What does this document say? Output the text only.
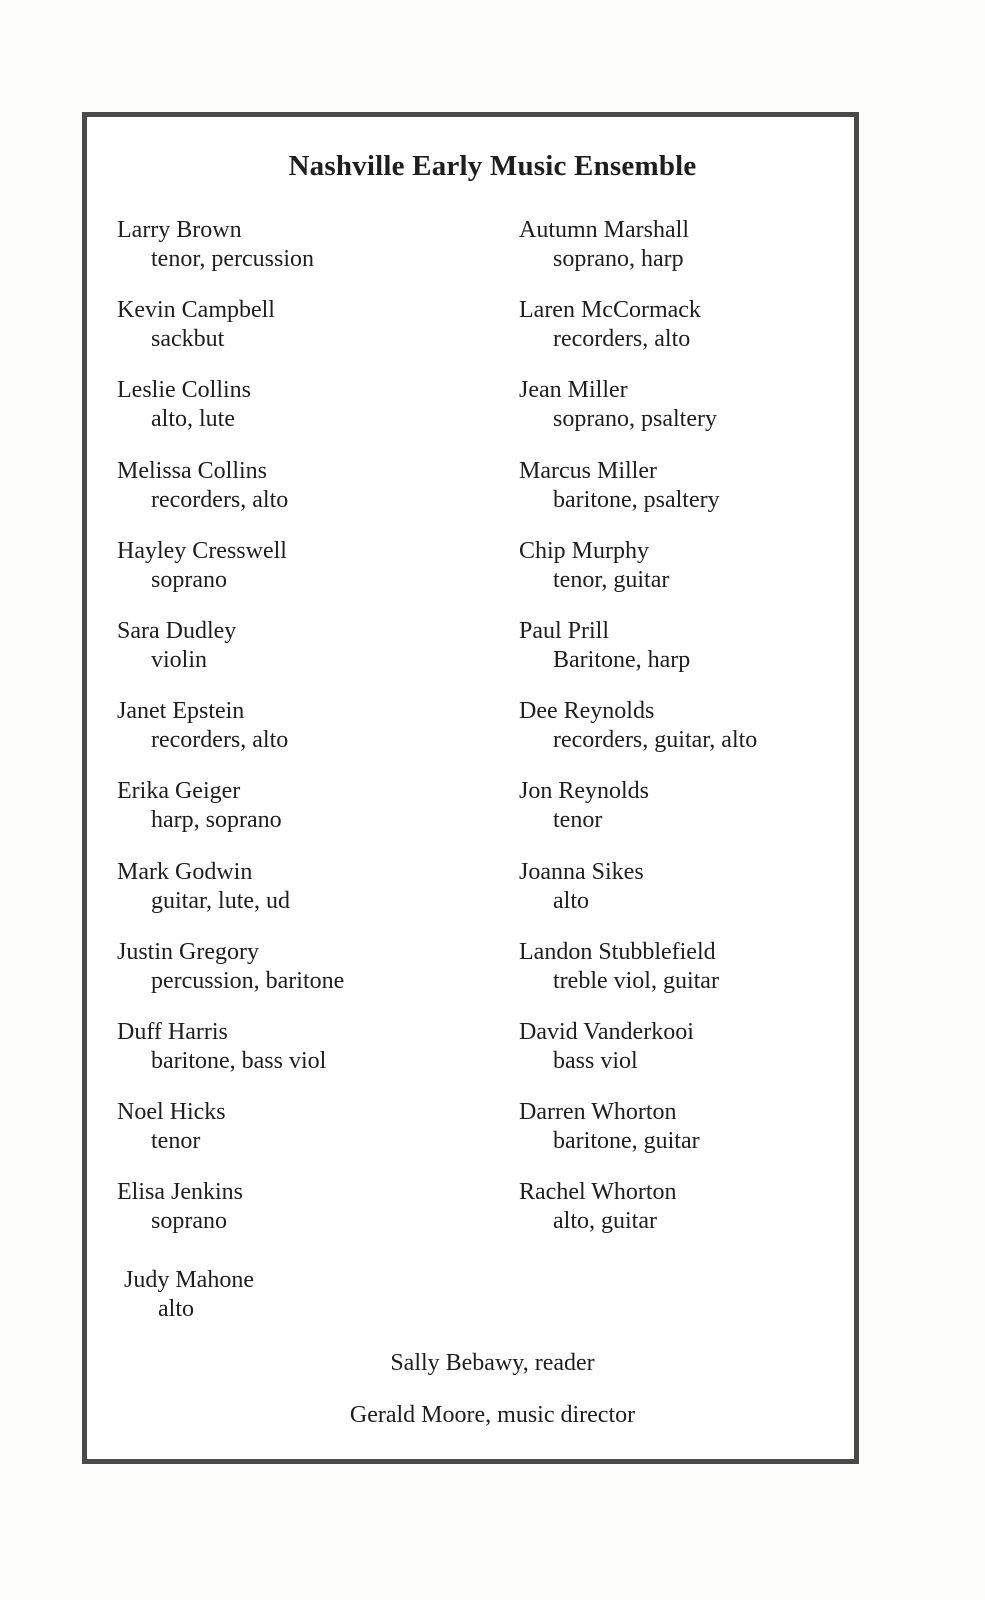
Nashville Early Music Ensemble
Larry Brown
tenor, percussion
Kevin Campbell
sackbut
Leslie Collins
alto, lute
Melissa Collins
recorders, alto
Hayley Cresswell
soprano
Sara Dudley
violin
Janet Epstein
recorders, alto
Erika Geiger
harp, soprano
Mark Godwin
guitar, lute, ud
Justin Gregory
percussion, baritone
Duff Harris
baritone, bass viol
Noel Hicks
tenor
Elisa Jenkins
soprano
Judy Mahone
alto
Autumn Marshall
soprano, harp
Laren McCormack
recorders, alto
Jean Miller
soprano, psaltery
Marcus Miller
baritone, psaltery
Chip Murphy
tenor, guitar
Paul Prill
Baritone, harp
Dee Reynolds
recorders, guitar, alto
Jon Reynolds
tenor
Joanna Sikes
alto
Landon Stubblefield
treble viol, guitar
David Vanderkooi
bass viol
Darren Whorton
baritone, guitar
Rachel Whorton
alto, guitar
Sally Bebawy, reader
Gerald Moore, music director
